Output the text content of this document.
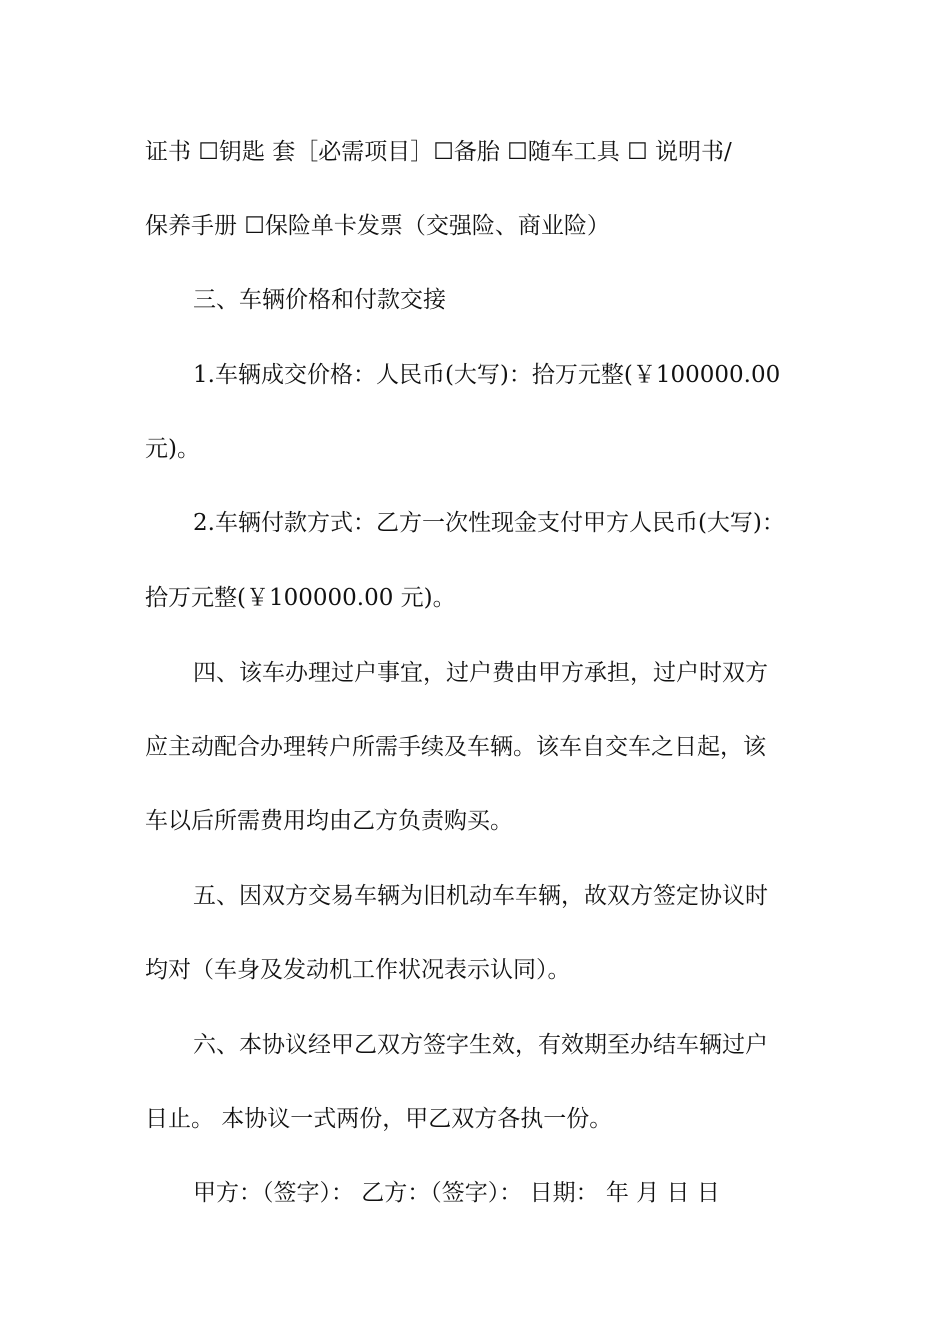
证书 ☐钥匙 套［必需项目］☐备胎 ☐随车工具 ☐ 说明书/
保养手册 ☐保险单卡发票（交强险、商业险）
三、车辆价格和付款交接
1.车辆成交价格：人民币(大写)：拾万元整(￥100000.00
元)。
2.车辆付款方式：乙方一次性现金支付甲方人民币(大写)：
拾万元整(￥100000.00 元)。
四、该车办理过户事宜，过户费由甲方承担，过户时双方
应主动配合办理转户所需手续及车辆。该车自交车之日起，该
车以后所需费用均由乙方负责购买。
五、因双方交易车辆为旧机动车车辆，故双方签定协议时
均对（车身及发动机工作状况表示认同）。
六、本协议经甲乙双方签字生效，有效期至办结车辆过户
日止。 本协议一式两份，甲乙双方各执一份。
甲方：（签字）： 乙方：（签字）： 日期： 年 月 日 日
